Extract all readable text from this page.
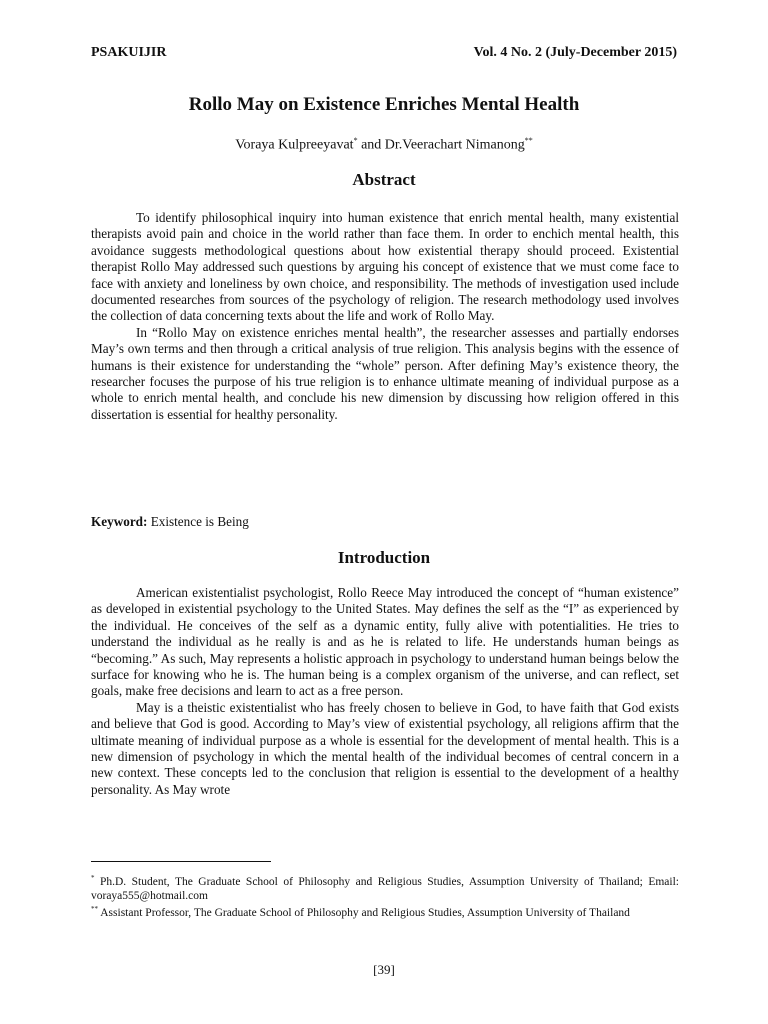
PSAKUIJIR	Vol. 4 No. 2 (July-December 2015)
Rollo May on Existence Enriches Mental Health
Voraya Kulpreeyavat* and Dr.Veerachart Nimanong**
Abstract

To identify philosophical inquiry into human existence that enrich mental health, many existential therapists avoid pain and choice in the world rather than face them. In order to enchich mental health, this avoidance suggests methodological questions about how existential therapy should proceed. Existential therapist Rollo May addressed such questions by arguing his concept of existence that we must come face to face with anxiety and loneliness by own choice, and responsibility. The methods of investigation used include documented researches from sources of the psychology of religion. The research methodology used involves the collection of data concerning texts about the life and work of Rollo May.

In “Rollo May on existence enriches mental health”, the researcher assesses and partially endorses May’s own terms and then through a critical analysis of true religion. This analysis begins with the essence of humans is their existence for understanding the “whole” person. After defining May’s existence theory, the researcher focuses the purpose of his true religion is to enhance ultimate meaning of individual purpose as a whole to enrich mental health, and conclude his new dimension by discussing how religion offered in this dissertation is essential for healthy personality.

Keyword: Existence is Being
Introduction

American existentialist psychologist, Rollo Reece May introduced the concept of “human existence” as developed in existential psychology to the United States. May defines the self as the “I” as experienced by the individual. He conceives of the self as a dynamic entity, fully alive with potentialities. He tries to understand the individual as he really is and as he is related to life. He understands human beings as “becoming.” As such, May represents a holistic approach in psychology to understand human beings below the surface for knowing who he is. The human being is a complex organism of the universe, and can reflect, set goals, make free decisions and learn to act as a free person.

May is a theistic existentialist who has freely chosen to believe in God, to have faith that God exists and believe that God is good. According to May’s view of existential psychology, all religions affirm that the ultimate meaning of individual purpose as a whole is essential for the development of mental health. This is a new dimension of psychology in which the mental health of the individual becomes of central concern in a new context. These concepts led to the conclusion that religion is essential to the development of a healthy personality. As May wrote

* Ph.D. Student, The Graduate School of Philosophy and Religious Studies, Assumption University of Thailand; Email: voraya555@hotmail.com
** Assistant Professor, The Graduate School of Philosophy and Religious Studies, Assumption University of Thailand
[39]
